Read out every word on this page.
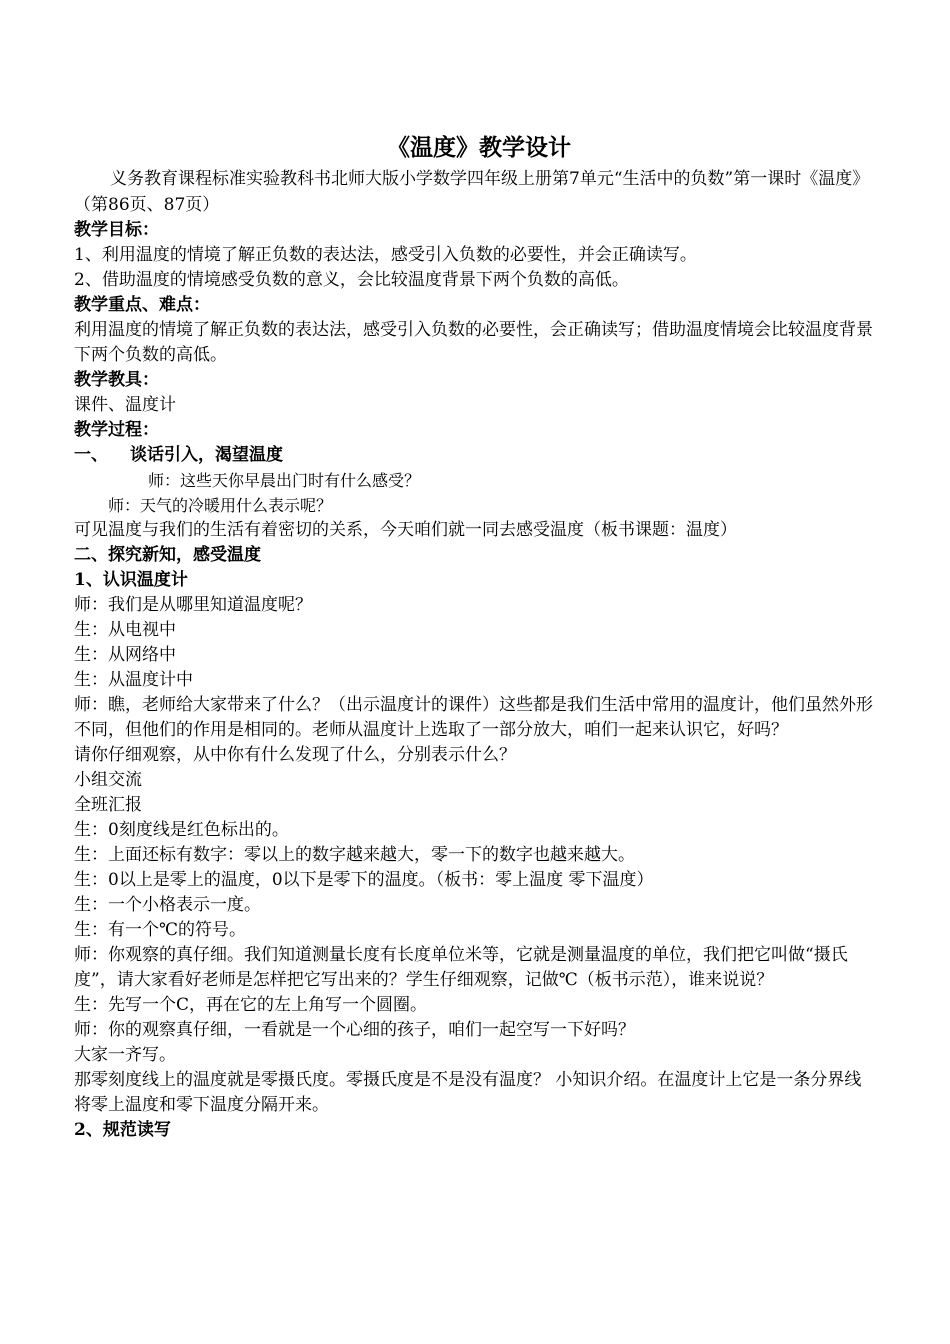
《温度》教学设计
义务教育课程标准实验教科书北师大版小学数学四年级上册第7单元“生活中的负数”第一课时《温度》（第86页、87页）
教学目标：
1、利用温度的情境了解正负数的表达法，感受引入负数的必要性，并会正确读写。
2、借助温度的情境感受负数的意义，会比较温度背景下两个负数的高低。
教学重点、难点：
利用温度的情境了解正负数的表达法，感受引入负数的必要性，会正确读写；借助温度情境会比较温度背景下两个负数的高低。
教学教具：
课件、温度计
教学过程：
一、 谈话引入，渴望温度
师：这些天你早晨出门时有什么感受？
师：天气的冷暖用什么表示呢？
可见温度与我们的生活有着密切的关系，今天咱们就一同去感受温度（板书课题：温度）
二、探究新知，感受温度
1、认识温度计
师：我们是从哪里知道温度呢？
生：从电视中
生：从网络中
生：从温度计中
师：瞧，老师给大家带来了什么？（出示温度计的课件）这些都是我们生活中常用的温度计，他们虽然外形不同，但他们的作用是相同的。老师从温度计上选取了一部分放大，咱们一起来认识它，好吗？
请你仔细观察，从中你有什么发现了什么，分别表示什么？
小组交流
全班汇报
生：0刻度线是红色标出的。
生：上面还标有数字：零以上的数字越来越大，零一下的数字也越来越大。
生：0以上是零上的温度，0以下是零下的温度。（板书：零上温度 零下温度）
生：一个小格表示一度。
生：有一个℃的符号。
师：你观察的真仔细。我们知道测量长度有长度单位米等，它就是测量温度的单位，我们把它叫做“摄氏度”，请大家看好老师是怎样把它写出来的？学生仔细观察，记做℃（板书示范），谁来说说？
生：先写一个C，再在它的左上角写一个圆圈。
师：你的观察真仔细，一看就是一个心细的孩子，咱们一起空写一下好吗？
大家一齐写。
那零刻度线上的温度就是零摄氏度。零摄氏度是不是没有温度？ 小知识介绍。在温度计上它是一条分界线将零上温度和零下温度分隔开来。
2、规范读写
